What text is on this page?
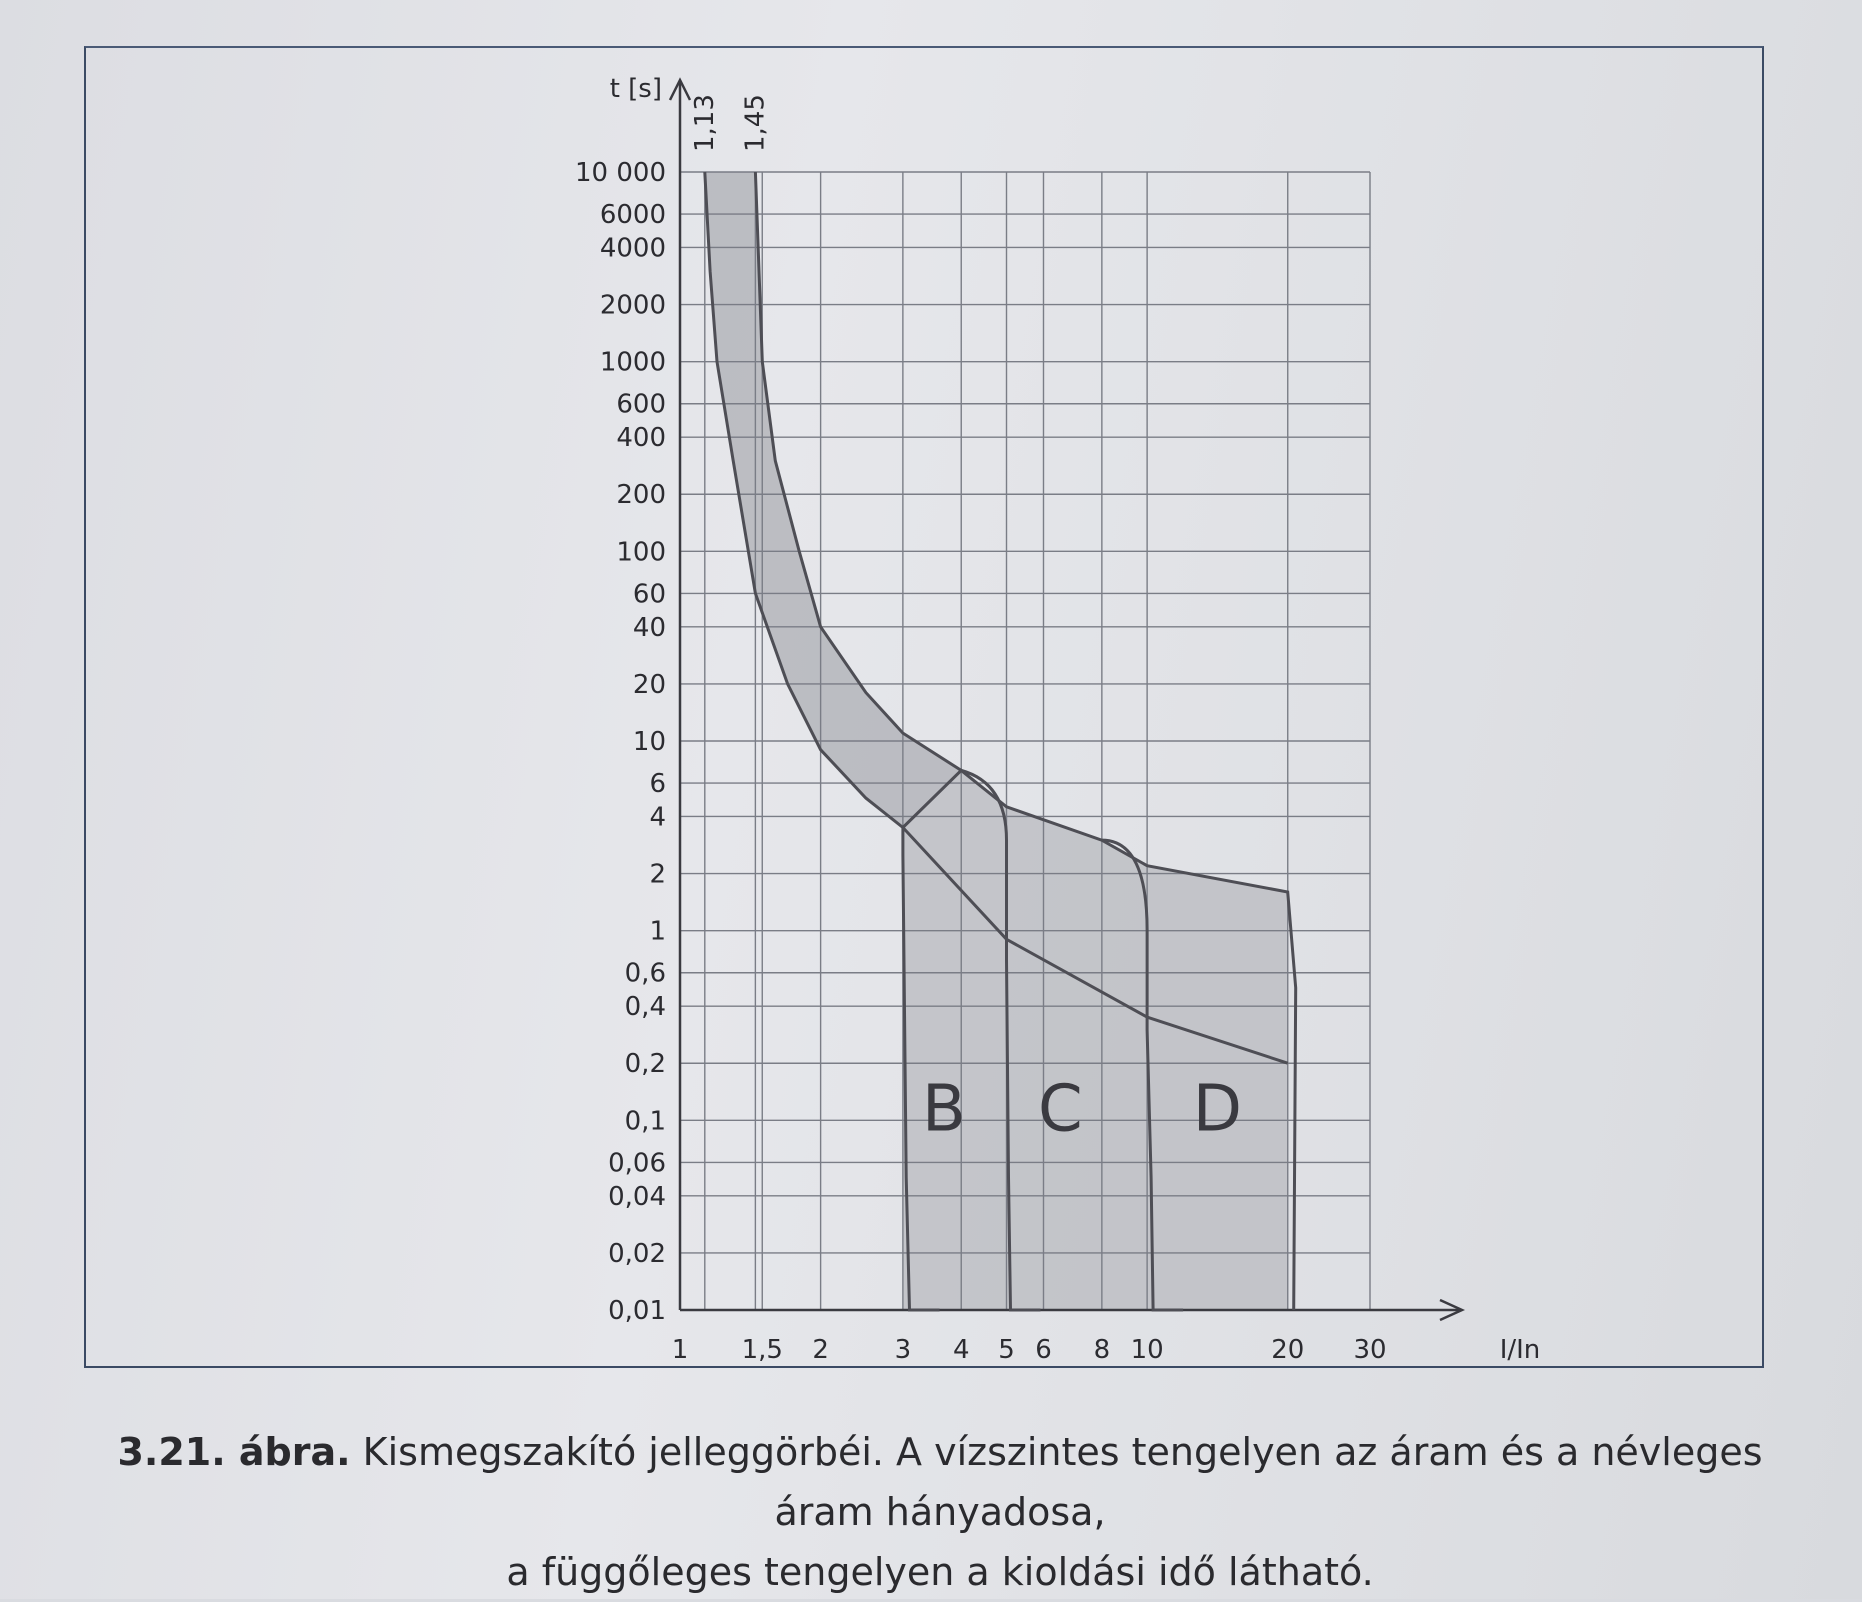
10 000
6000
4000
2000
1000
600
400
200
100
60
40
20
10
6
4
2
1
0,6
0,4
0,2
0,1
0,06
0,04
0,02
0,01
1 1,5 2	3 4 5 6 8 10	20 30
1,13 1,45
t [s]
I/In
B C D
3.21. ábra. Kismegszakító jelleggörbéi. A vízszintes tengelyen az áram és a névleges áram hányadosa,
a függőleges tengelyen a kioldási idő látható.
